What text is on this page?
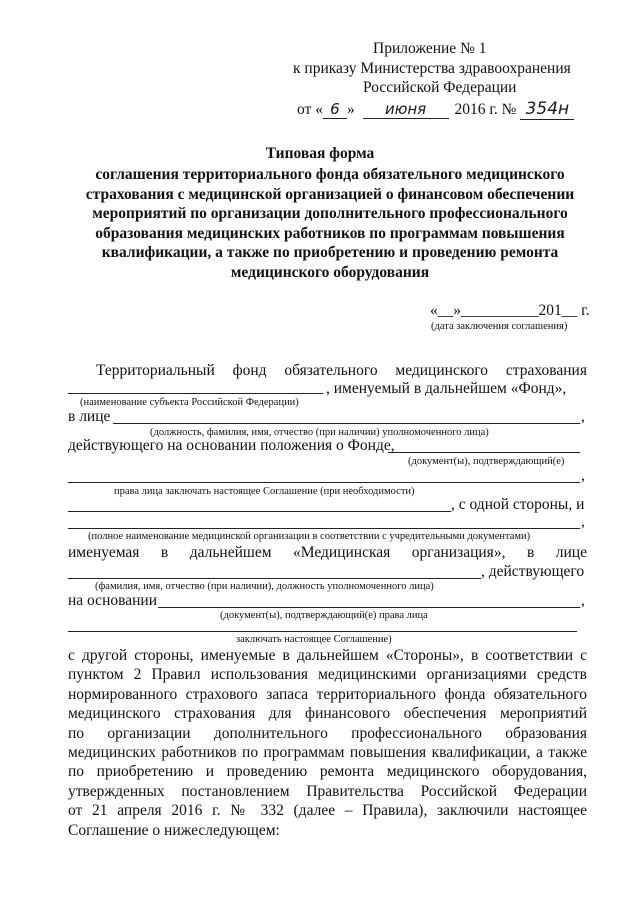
Приложение № 1
к приказу Министерства здравоохранения
Российской Федерации
от « 6 » июня 2016 г. № 354н
Типовая форма
соглашения территориального фонда обязательного медицинского
страхования с медицинской организацией о финансовом обеспечении
мероприятий по организации дополнительного профессионального
образования медицинских работников по программам повышения
квалификации, а также по приобретению и проведению ремонта
медицинского оборудования
«__»__________201__ г.
(дата заключения соглашения)
Территориальный фонд обязательного медицинского страхования
, именуемый в дальнейшем «Фонд»,
(наименование субъекта Российской Федерации)
в лице	,
(должность, фамилия, имя, отчество (при наличии) уполномоченного лица)
действующего на основании положения о Фонде,
(документ(ы), подтверждающий(е)
,
права лица заключать настоящее Соглашение (при необходимости)
, с одной стороны, и
,
(полное наименование медицинской организации в соответствии с учредительными документами)
именуемая в дальнейшем «Медицинская организация», в лице
, действующего
(фамилия, имя, отчество (при наличии), должность уполномоченного лица)
на основании	,
(документ(ы), подтверждающий(е) права лица
заключать настоящее Соглашение)
с другой стороны, именуемые в дальнейшем «Стороны», в соответствии с
пунктом 2 Правил использования медицинскими организациями средств
нормированного страхового запаса территориального фонда обязательного
медицинского страхования для финансового обеспечения мероприятий
по организации дополнительного профессионального образования
медицинских работников по программам повышения квалификации, а также
по приобретению и проведению ремонта медицинского оборудования,
утвержденных постановлением Правительства Российской Федерации
от 21 апреля 2016 г. № 332 (далее – Правила), заключили настоящее
Соглашение о нижеследующем:
